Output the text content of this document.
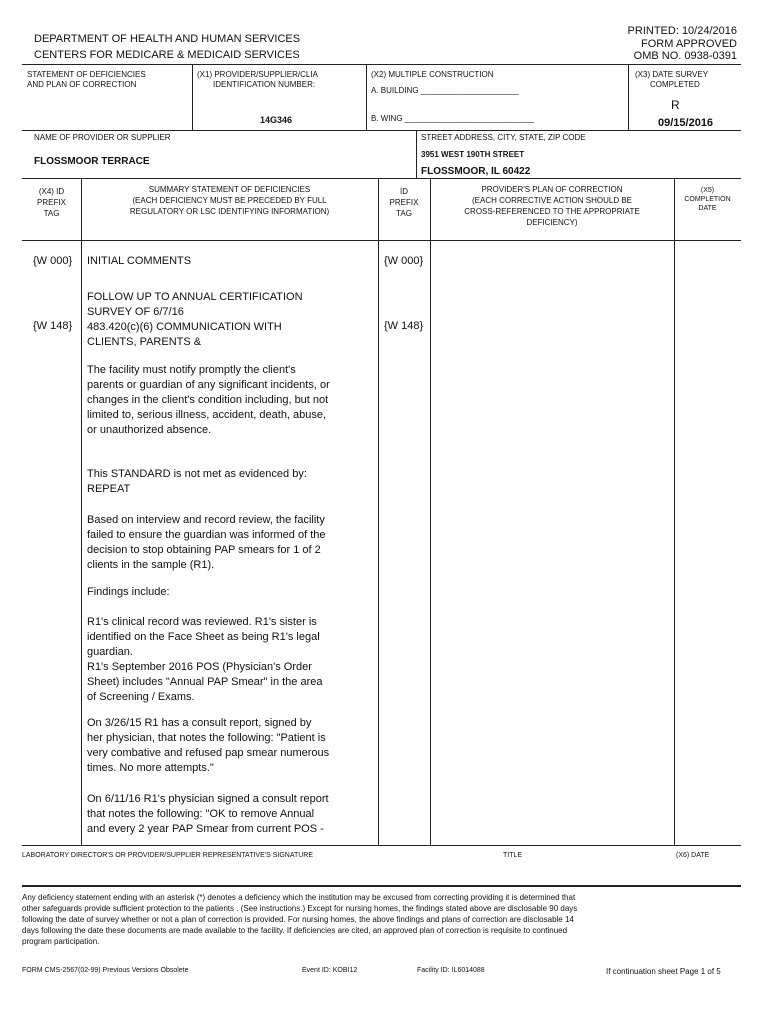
DEPARTMENT OF HEALTH AND HUMAN SERVICES
CENTERS FOR MEDICARE & MEDICAID SERVICES
PRINTED: 10/24/2016
FORM APPROVED
OMB NO. 0938-0391
STATEMENT OF DEFICIENCIES
AND PLAN OF CORRECTION
(X1) PROVIDER/SUPPLIER/CLIA
IDENTIFICATION NUMBER:
14G346
(X2) MULTIPLE CONSTRUCTION
A. BUILDING ______________________
B. WING _____________________________
(X3) DATE SURVEY
COMPLETED
R
09/15/2016
NAME OF PROVIDER OR SUPPLIER
FLOSSMOOR TERRACE
STREET ADDRESS, CITY, STATE, ZIP CODE
3951 WEST 190TH STREET
FLOSSMOOR, IL 60422
(X4) ID
PREFIX
TAG
SUMMARY STATEMENT OF DEFICIENCIES
(EACH DEFICIENCY MUST BE PRECEDED BY FULL
REGULATORY OR LSC IDENTIFYING INFORMATION)
ID
PREFIX
TAG
PROVIDER'S PLAN OF CORRECTION
(EACH CORRECTIVE ACTION SHOULD BE
CROSS-REFERENCED TO THE APPROPRIATE
DEFICIENCY)
(X5)
COMPLETION
DATE
{W 000} INITIAL COMMENTS	{W 000}
FOLLOW UP TO ANNUAL CERTIFICATION
SURVEY OF 6/7/16
{W 148} 483.420(c)(6) COMMUNICATION WITH
CLIENTS, PARENTS &
{W 148}
The facility must notify promptly the client's
parents or guardian of any significant incidents, or
changes in the client's condition including, but not
limited to, serious illness, accident, death, abuse,
or unauthorized absence.
This STANDARD is not met as evidenced by:
REPEAT
Based on interview and record review, the facility
failed to ensure the guardian was informed of the
decision to stop obtaining PAP smears for 1 of 2
clients in the sample (R1).
Findings include:
R1's clinical record was reviewed. R1's sister is
identified on the Face Sheet as being R1's legal
guardian.
R1's September 2016 POS (Physician's Order
Sheet) includes "Annual PAP Smear" in the area
of Screening / Exams.
On 3/26/15 R1 has a consult report, signed by
her physician, that notes the following: "Patient is
very combative and refused pap smear numerous
times. No more attempts."
On 6/11/16 R1's physician signed a consult report
that notes the following: "OK to remove Annual
and every 2 year PAP Smear from current POS -
LABORATORY DIRECTOR'S OR PROVIDER/SUPPLIER REPRESENTATIVE'S SIGNATURE	TITLE	(X6) DATE
Any deficiency statement ending with an asterisk (*) denotes a deficiency which the institution may be excused from correcting providing it is determined that
other safeguards provide sufficient protection to the patients . (See instructions.) Except for nursing homes, the findings stated above are disclosable 90 days
following the date of survey whether or not a plan of correction is provided. For nursing homes, the above findings and plans of correction are disclosable 14
days following the date these documents are made available to the facility. If deficiencies are cited, an approved plan of correction is requisite to continued
program participation.
FORM CMS-2567(02-99) Previous Versions Obsolete	Event ID: KOBI12	Facility ID: IL6014088	If continuation sheet Page 1 of 5
